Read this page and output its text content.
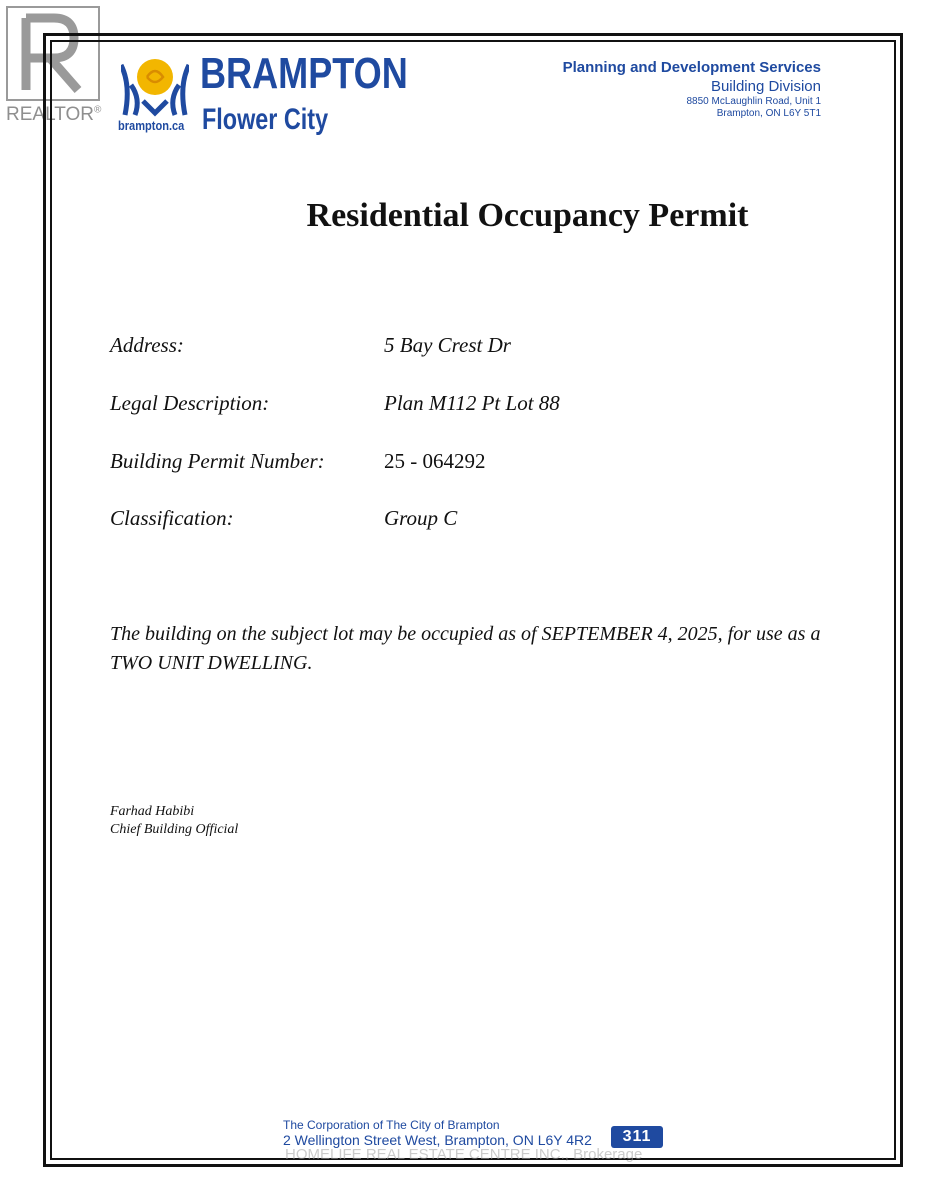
REALTOR®
brampton.ca
BRAMPTON
Flower City
Planning and Development Services
Building Division
8850 McLaughlin Road, Unit 1
Brampton, ON L6Y 5T1
Residential Occupancy Permit
Address:	5 Bay Crest Dr
Legal Description:	Plan M112 Pt Lot 88
Building Permit Number:	25 - 064292
Classification:	Group C
The building on the subject lot may be occupied as of SEPTEMBER 4, 2025, for use as a TWO UNIT DWELLING.
Farhad Habibi
Chief Building Official
The Corporation of The City of Brampton
2 Wellington Street West, Brampton, ON L6Y 4R2	311
HOMELIFE REAL ESTATE CENTRE INC., Brokerage
